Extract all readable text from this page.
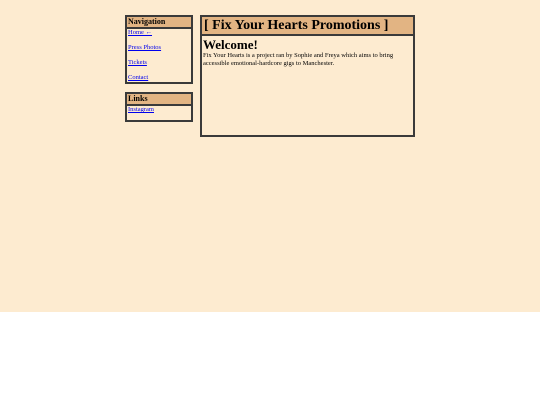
Navigation
Home ←
Press Photos
Tickets
Contact
Links
Instagram
[ Fix Your Hearts Promotions ]
Welcome!

Fix Your Hearts is a project ran by Sophie and Freya which aims to bring accessible emotional-hardcore gigs to Manchester.
